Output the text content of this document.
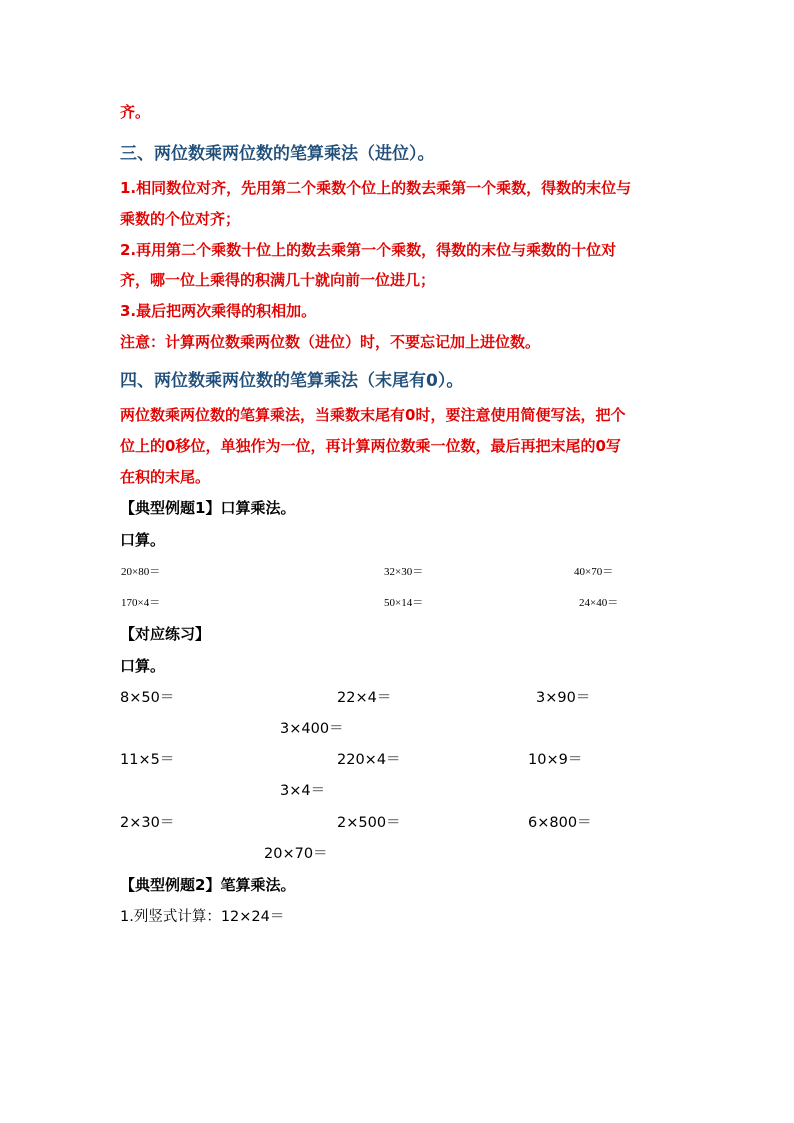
齐。
三、两位数乘两位数的笔算乘法（进位）。
1.相同数位对齐，先用第二个乘数个位上的数去乘第一个乘数，得数的末位与
乘数的个位对齐；
2.再用第二个乘数十位上的数去乘第一个乘数，得数的末位与乘数的十位对
齐，哪一位上乘得的积满几十就向前一位进几；
3.最后把两次乘得的积相加。
注意：计算两位数乘两位数（进位）时，不要忘记加上进位数。
四、两位数乘两位数的笔算乘法（末尾有0）。
两位数乘两位数的笔算乘法，当乘数末尾有0时，要注意使用简便写法，把个
位上的0移位，单独作为一位，再计算两位数乘一位数，最后再把末尾的0写
在积的末尾。
【典型例题1】口算乘法。
口算。
20×80＝	32×30＝	40×70＝
170×4＝	50×14＝	24×40＝
【对应练习】
口算。
8×50＝	22×4＝	3×90＝
3×400＝
11×5＝	220×4＝	10×9＝
3×4＝
2×30＝	2×500＝	6×800＝
20×70＝
【典型例题2】笔算乘法。
1.列竖式计算：12×24＝
